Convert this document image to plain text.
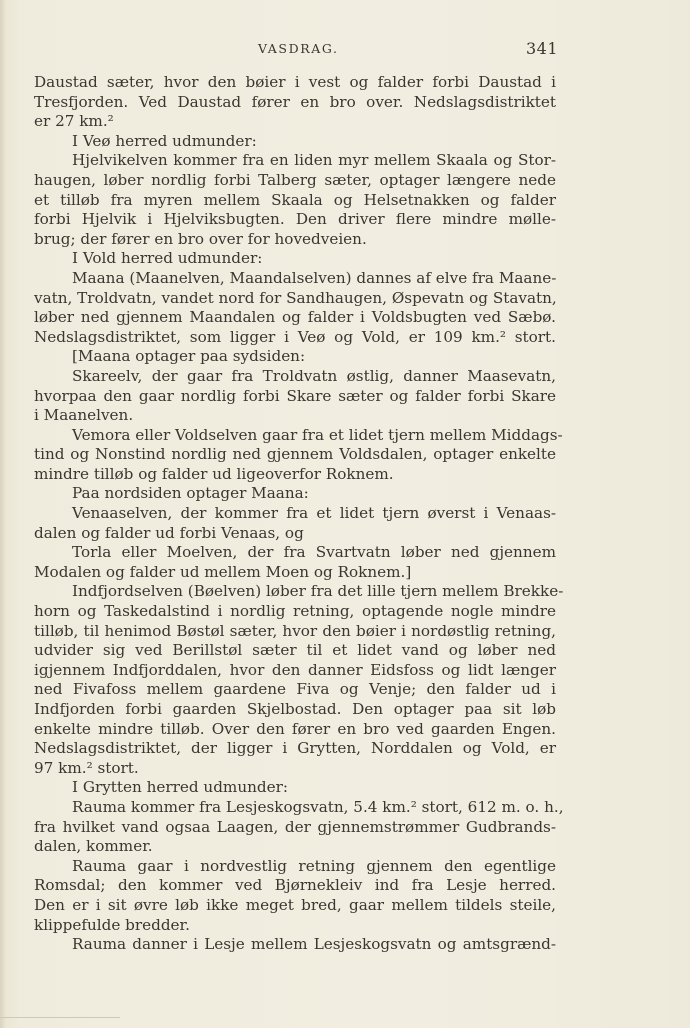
VASDRAG.	341
Daustad sæter, hvor den bøier i vest og falder forbi Daustad i
Tresfjorden. Ved Daustad fører en bro over. Nedslagsdistriktet
er 27 km.²
I Veø herred udmunder:
Hjelvikelven kommer fra en liden myr mellem Skaala og Stor-
haugen, løber nordlig forbi Talberg sæter, optager længere nede
et tilløb fra myren mellem Skaala og Helsetnakken og falder
forbi Hjelvik i Hjelviksbugten. Den driver flere mindre mølle-
brug; der fører en bro over for hovedveien.
I Vold herred udmunder:
Maana (Maanelven, Maandalselven) dannes af elve fra Maane-
vatn, Troldvatn, vandet nord for Sandhaugen, Øspevatn og Stavatn,
løber ned gjennem Maandalen og falder i Voldsbugten ved Sæbø.
Nedslagsdistriktet, som ligger i Veø og Vold, er 109 km.² stort.
[Maana optager paa sydsiden:
Skareelv, der gaar fra Troldvatn østlig, danner Maasevatn,
hvorpaa den gaar nordlig forbi Skare sæter og falder forbi Skare
i Maanelven.
Vemora eller Voldselven gaar fra et lidet tjern mellem Middags-
tind og Nonstind nordlig ned gjennem Voldsdalen, optager enkelte
mindre tilløb og falder ud ligeoverfor Roknem.
Paa nordsiden optager Maana:
Venaaselven, der kommer fra et lidet tjern øverst i Venaas-
dalen og falder ud forbi Venaas, og
Torla eller Moelven, der fra Svartvatn løber ned gjennem
Modalen og falder ud mellem Moen og Roknem.]
Indfjordselven (Bøelven) løber fra det lille tjern mellem Brekke-
horn og Taskedalstind i nordlig retning, optagende nogle mindre
tilløb, til henimod Bøstøl sæter, hvor den bøier i nordøstlig retning,
udvider sig ved Berillstøl sæter til et lidet vand og løber ned
igjennem Indfjorddalen, hvor den danner Eidsfoss og lidt længer
ned Fivafoss mellem gaardene Fiva og Venje; den falder ud i
Indfjorden forbi gaarden Skjelbostad. Den optager paa sit løb
enkelte mindre tilløb. Over den fører en bro ved gaarden Engen.
Nedslagsdistriktet, der ligger i Grytten, Norddalen og Vold, er
97 km.² stort.
I Grytten herred udmunder:
Rauma kommer fra Lesjeskogsvatn, 5.4 km.² stort, 612 m. o. h.,
fra hvilket vand ogsaa Laagen, der gjennemstrømmer Gudbrands-
dalen, kommer.
Rauma gaar i nordvestlig retning gjennem den egentlige
Romsdal; den kommer ved Bjørnekleiv ind fra Lesje herred.
Den er i sit øvre løb ikke meget bred, gaar mellem tildels steile,
klippefulde bredder.
Rauma danner i Lesje mellem Lesjeskogsvatn og amtsgrænd-
